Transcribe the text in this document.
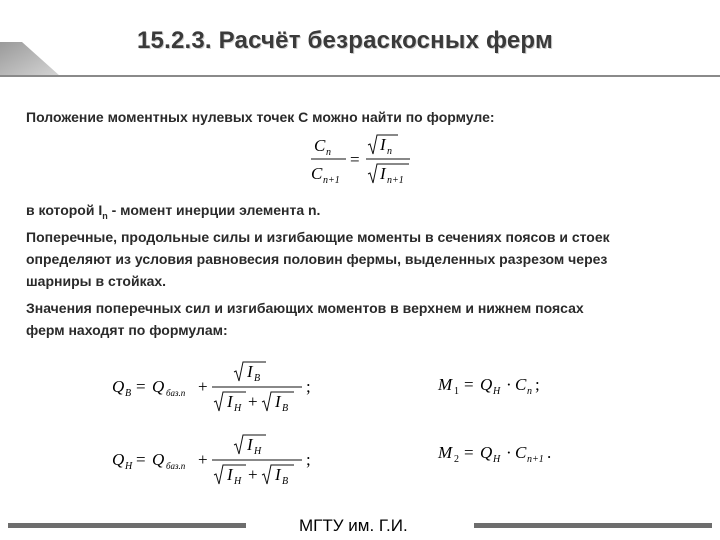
15.2.3. Расчёт безраскосных ферм
Положение моментных нулевых точек С можно найти по формуле:
C n
C n+1
=
I n
I n+1
в которой $I_n$ - момент инерции элемента n.
Поперечные, продольные силы и изгибающие моменты в сечениях поясов и стоек
определяют из условия равновесия половин фермы, выделенных разрезом через
шарниры в стойках.
Значения поперечных сил и изгибающих моментов в верхнем и нижнем поясах
ферм находят по формулам:
Q B = Q баз.п +
I B
I H + I B
;
Q H = Q баз.п +
I H
I H + I B
;
M 1 = Q H · C n ;
M 2 = Q H · C n+1 .
МГТУ им. Г.И.
